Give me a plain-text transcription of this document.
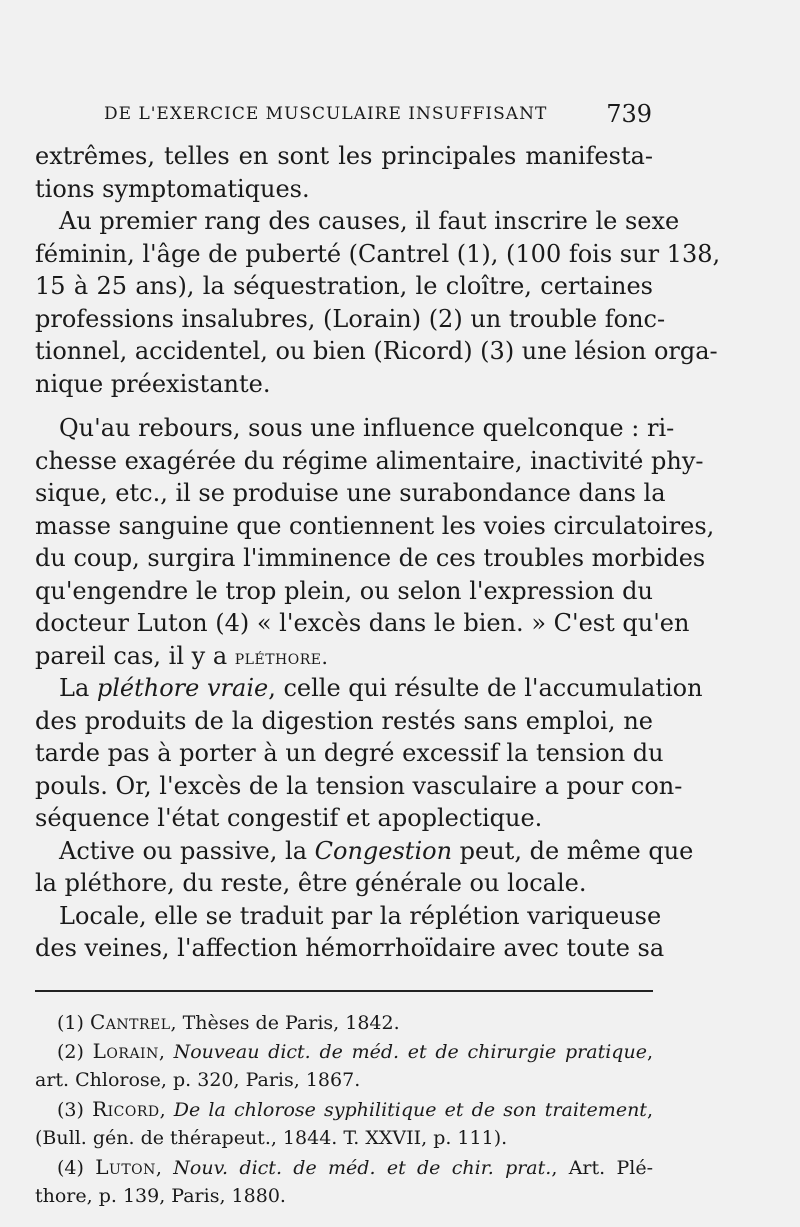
DE L'EXERCICE MUSCULAIRE INSUFFISANT 739
extrêmes, telles en sont les principales manifesta-
tions symptomatiques.
Au premier rang des causes, il faut inscrire le sexe
féminin, l'âge de puberté (Cantrel (1), (100 fois sur 138,
15 à 25 ans), la séquestration, le cloître, certaines
professions insalubres, (Lorain) (2) un trouble fonc-
tionnel, accidentel, ou bien (Ricord) (3) une lésion orga-
nique préexistante.
Qu'au rebours, sous une influence quelconque : ri-
chesse exagérée du régime alimentaire, inactivité phy-
sique, etc., il se produise une surabondance dans la
masse sanguine que contiennent les voies circulatoires,
du coup, surgira l'imminence de ces troubles morbides
qu'engendre le trop plein, ou selon l'expression du
docteur Luton (4) « l'excès dans le bien. » C'est qu'en
pareil cas, il y a pléthore.
La pléthore vraie, celle qui résulte de l'accumulation
des produits de la digestion restés sans emploi, ne
tarde pas à porter à un degré excessif la tension du
pouls. Or, l'excès de la tension vasculaire a pour con-
séquence l'état congestif et apoplectique.
Active ou passive, la Congestion peut, de même que
la pléthore, du reste, être générale ou locale.
Locale, elle se traduit par la réplétion variqueuse
des veines, l'affection hémorrhoïdaire avec toute sa
(1) Cantrel, Thèses de Paris, 1842.
(2) Lorain, Nouveau dict. de méd. et de chirurgie pratique,
art. Chlorose, p. 320, Paris, 1867.
(3) Ricord, De la chlorose syphilitique et de son traitement,
(Bull. gén. de thérapeut., 1844. T. XXVII, p. 111).
(4) Luton, Nouv. dict. de méd. et de chir. prat., Art. Plé-
thore, p. 139, Paris, 1880.
